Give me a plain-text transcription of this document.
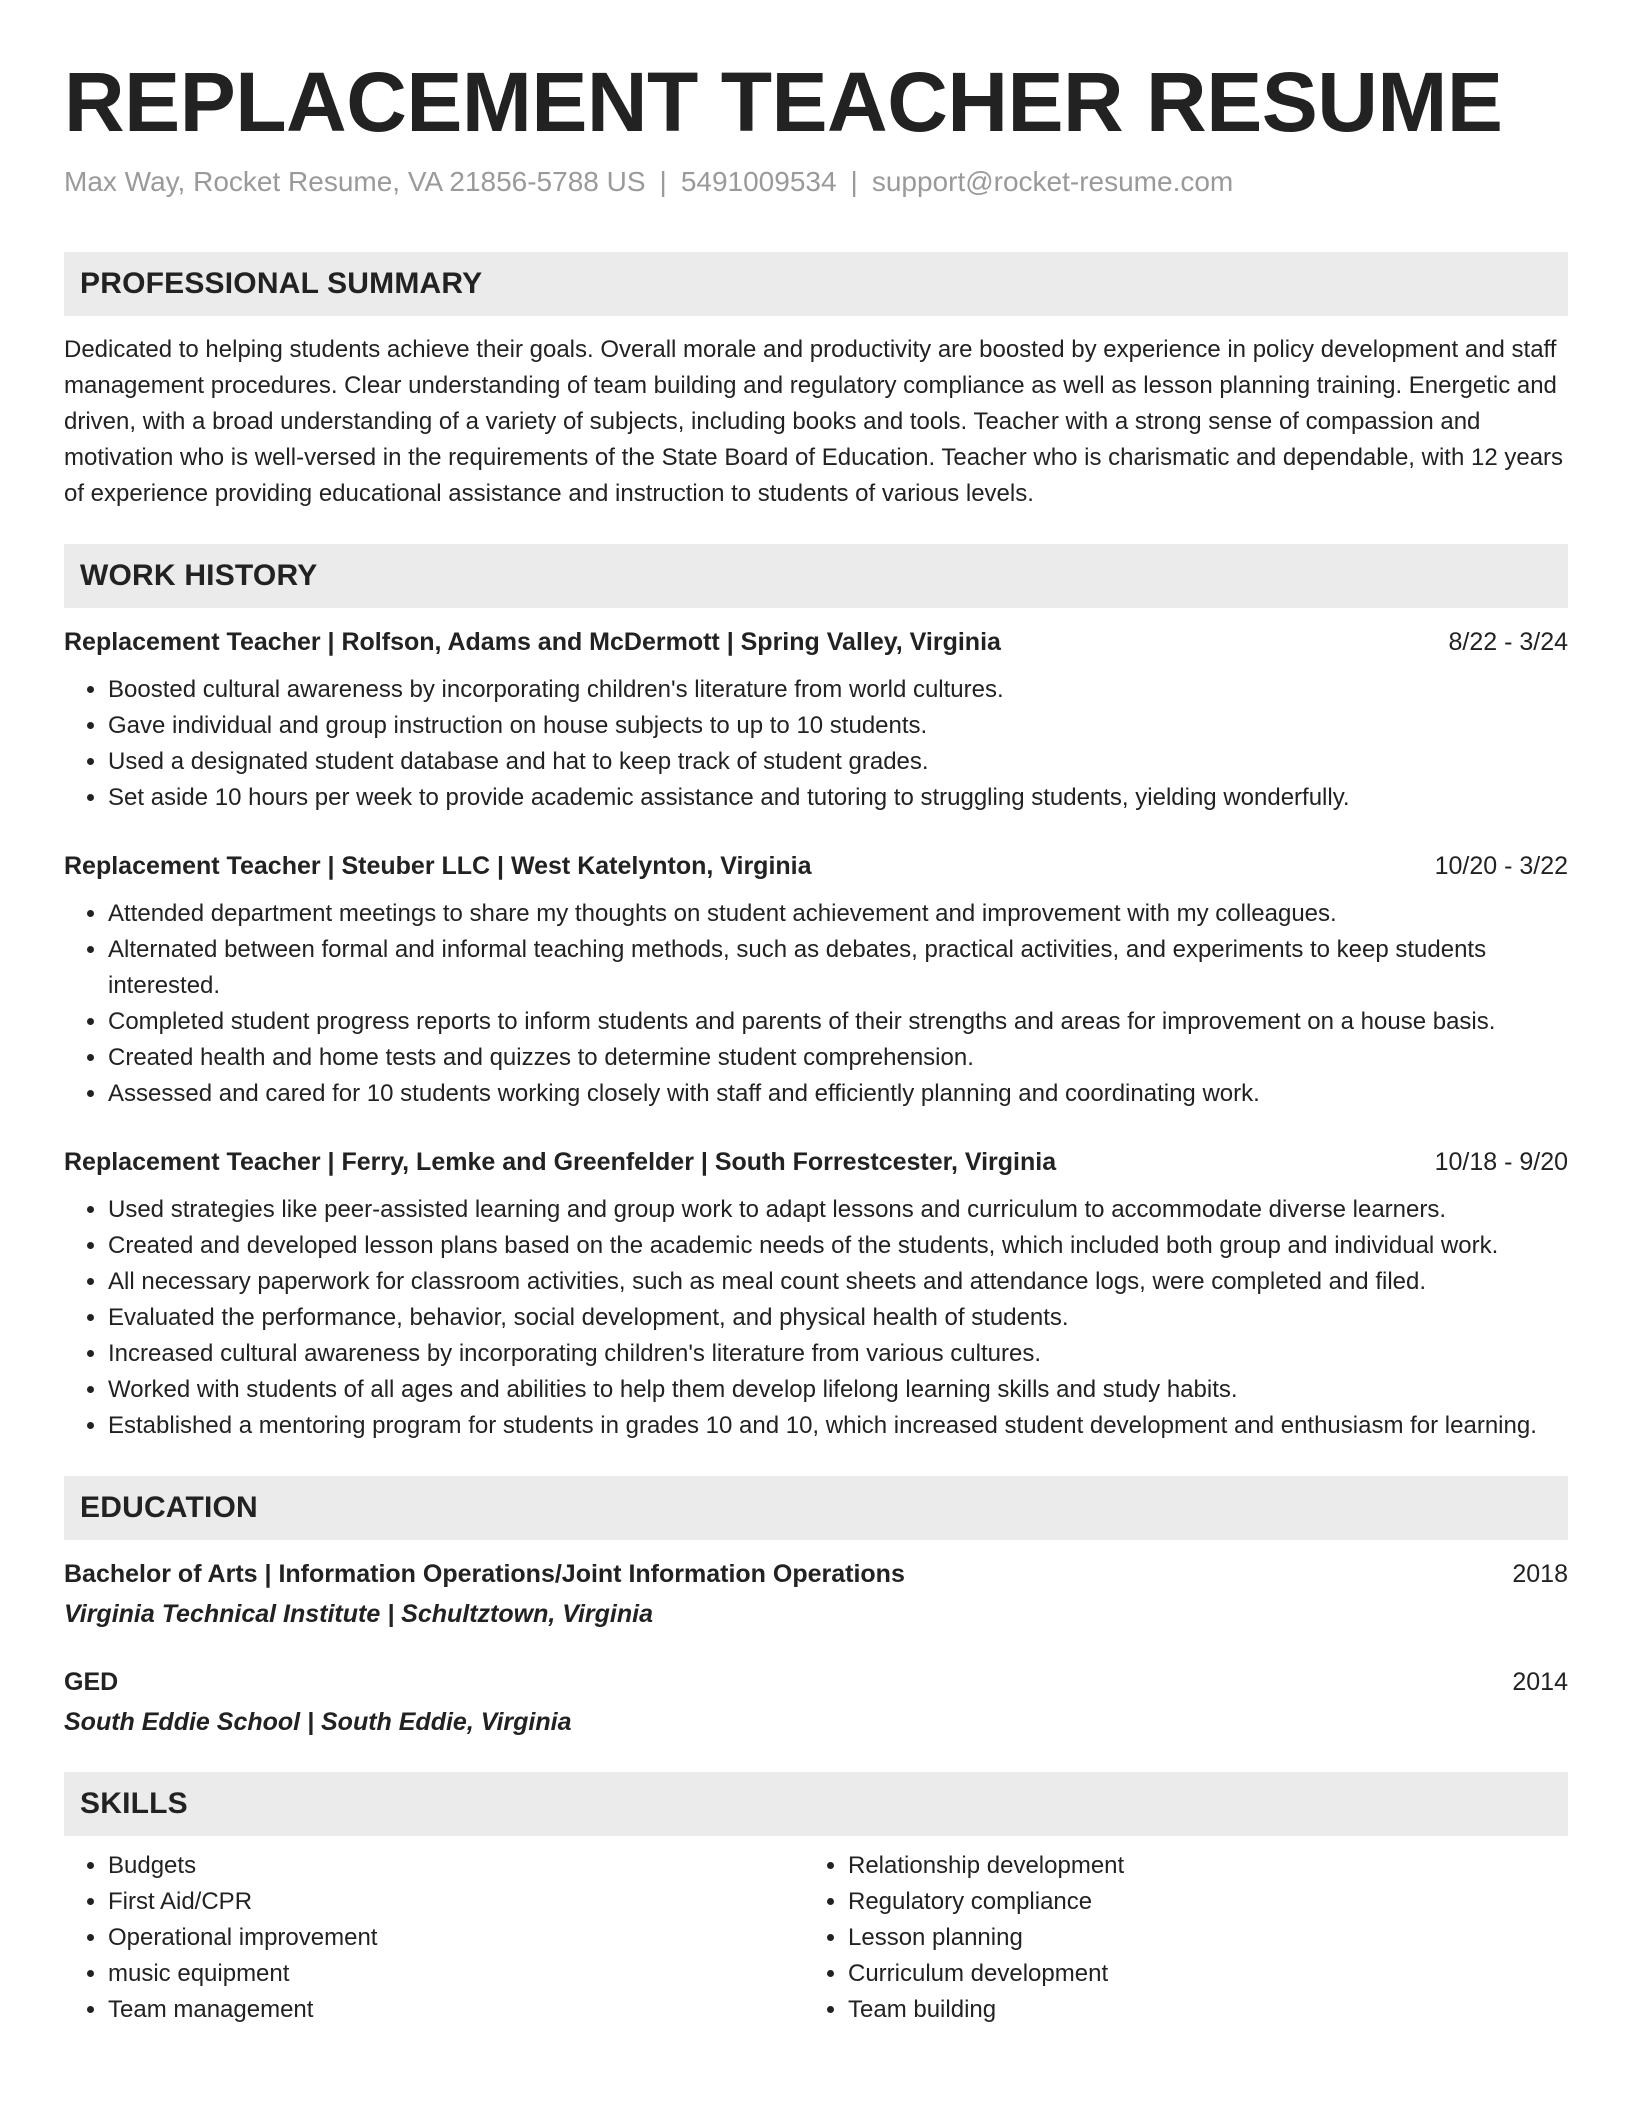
REPLACEMENT TEACHER RESUME
Max Way, Rocket Resume, VA 21856-5788 US | 5491009534 | support@rocket-resume.com
PROFESSIONAL SUMMARY
Dedicated to helping students achieve their goals. Overall morale and productivity are boosted by experience in policy development and staff management procedures. Clear understanding of team building and regulatory compliance as well as lesson planning training. Energetic and driven, with a broad understanding of a variety of subjects, including books and tools. Teacher with a strong sense of compassion and motivation who is well-versed in the requirements of the State Board of Education. Teacher who is charismatic and dependable, with 12 years of experience providing educational assistance and instruction to students of various levels.
WORK HISTORY
Replacement Teacher | Rolfson, Adams and McDermott | Spring Valley, Virginia	8/22 - 3/24
• Boosted cultural awareness by incorporating children's literature from world cultures.
• Gave individual and group instruction on house subjects to up to 10 students.
• Used a designated student database and hat to keep track of student grades.
• Set aside 10 hours per week to provide academic assistance and tutoring to struggling students, yielding wonderfully.
Replacement Teacher | Steuber LLC | West Katelynton, Virginia	10/20 - 3/22
• Attended department meetings to share my thoughts on student achievement and improvement with my colleagues.
• Alternated between formal and informal teaching methods, such as debates, practical activities, and experiments to keep students interested.
• Completed student progress reports to inform students and parents of their strengths and areas for improvement on a house basis.
• Created health and home tests and quizzes to determine student comprehension.
• Assessed and cared for 10 students working closely with staff and efficiently planning and coordinating work.
Replacement Teacher | Ferry, Lemke and Greenfelder | South Forrestcester, Virginia	10/18 - 9/20
• Used strategies like peer-assisted learning and group work to adapt lessons and curriculum to accommodate diverse learners.
• Created and developed lesson plans based on the academic needs of the students, which included both group and individual work.
• All necessary paperwork for classroom activities, such as meal count sheets and attendance logs, were completed and filed.
• Evaluated the performance, behavior, social development, and physical health of students.
• Increased cultural awareness by incorporating children's literature from various cultures.
• Worked with students of all ages and abilities to help them develop lifelong learning skills and study habits.
• Established a mentoring program for students in grades 10 and 10, which increased student development and enthusiasm for learning.
EDUCATION
Bachelor of Arts | Information Operations/Joint Information Operations	2018
Virginia Technical Institute | Schultztown, Virginia
GED	2014
South Eddie School | South Eddie, Virginia
SKILLS
• Budgets
• First Aid/CPR
• Operational improvement
• music equipment
• Team management
• Relationship development
• Regulatory compliance
• Lesson planning
• Curriculum development
• Team building
